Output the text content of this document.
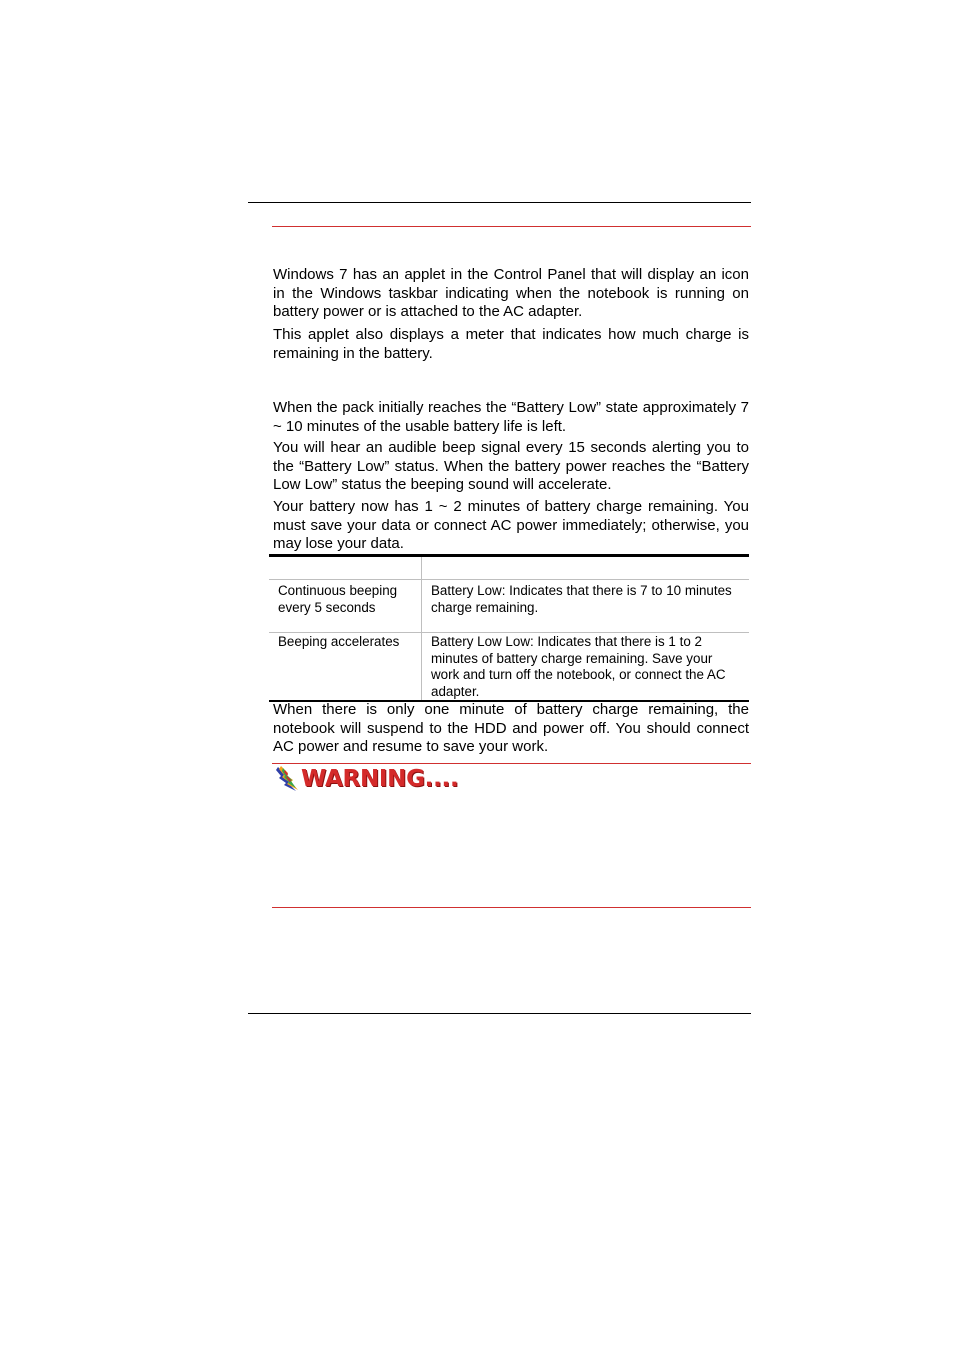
Windows 7 has an applet in the Control Panel that will display an icon in the Windows taskbar indicating when the notebook is running on battery power or is attached to the AC adapter.

This applet also displays a meter that indicates how much charge is remaining in the battery.

When the pack initially reaches the “Battery Low” state approximately 7 ~ 10 minutes of the usable battery life is left.

You will hear an audible beep signal every 15 seconds alerting you to the “Battery Low” status. When the battery power reaches the “Battery Low Low” status the beeping sound will accelerate.

Your battery now has 1 ~ 2 minutes of battery charge remaining. You must save your data or connect AC power immediately; otherwise, you may lose your data.

Continuous beeping every 5 seconds	Battery Low: Indicates that there is 7 to 10 minutes charge remaining.
Beeping accelerates	Battery Low Low: Indicates that there is 1 to 2 minutes of battery charge remaining. Save your work and turn off the notebook, or connect the AC adapter.

When there is only one minute of battery charge remaining, the notebook will suspend to the HDD and power off. You should connect AC power and resume to save your work.

WARNING....
